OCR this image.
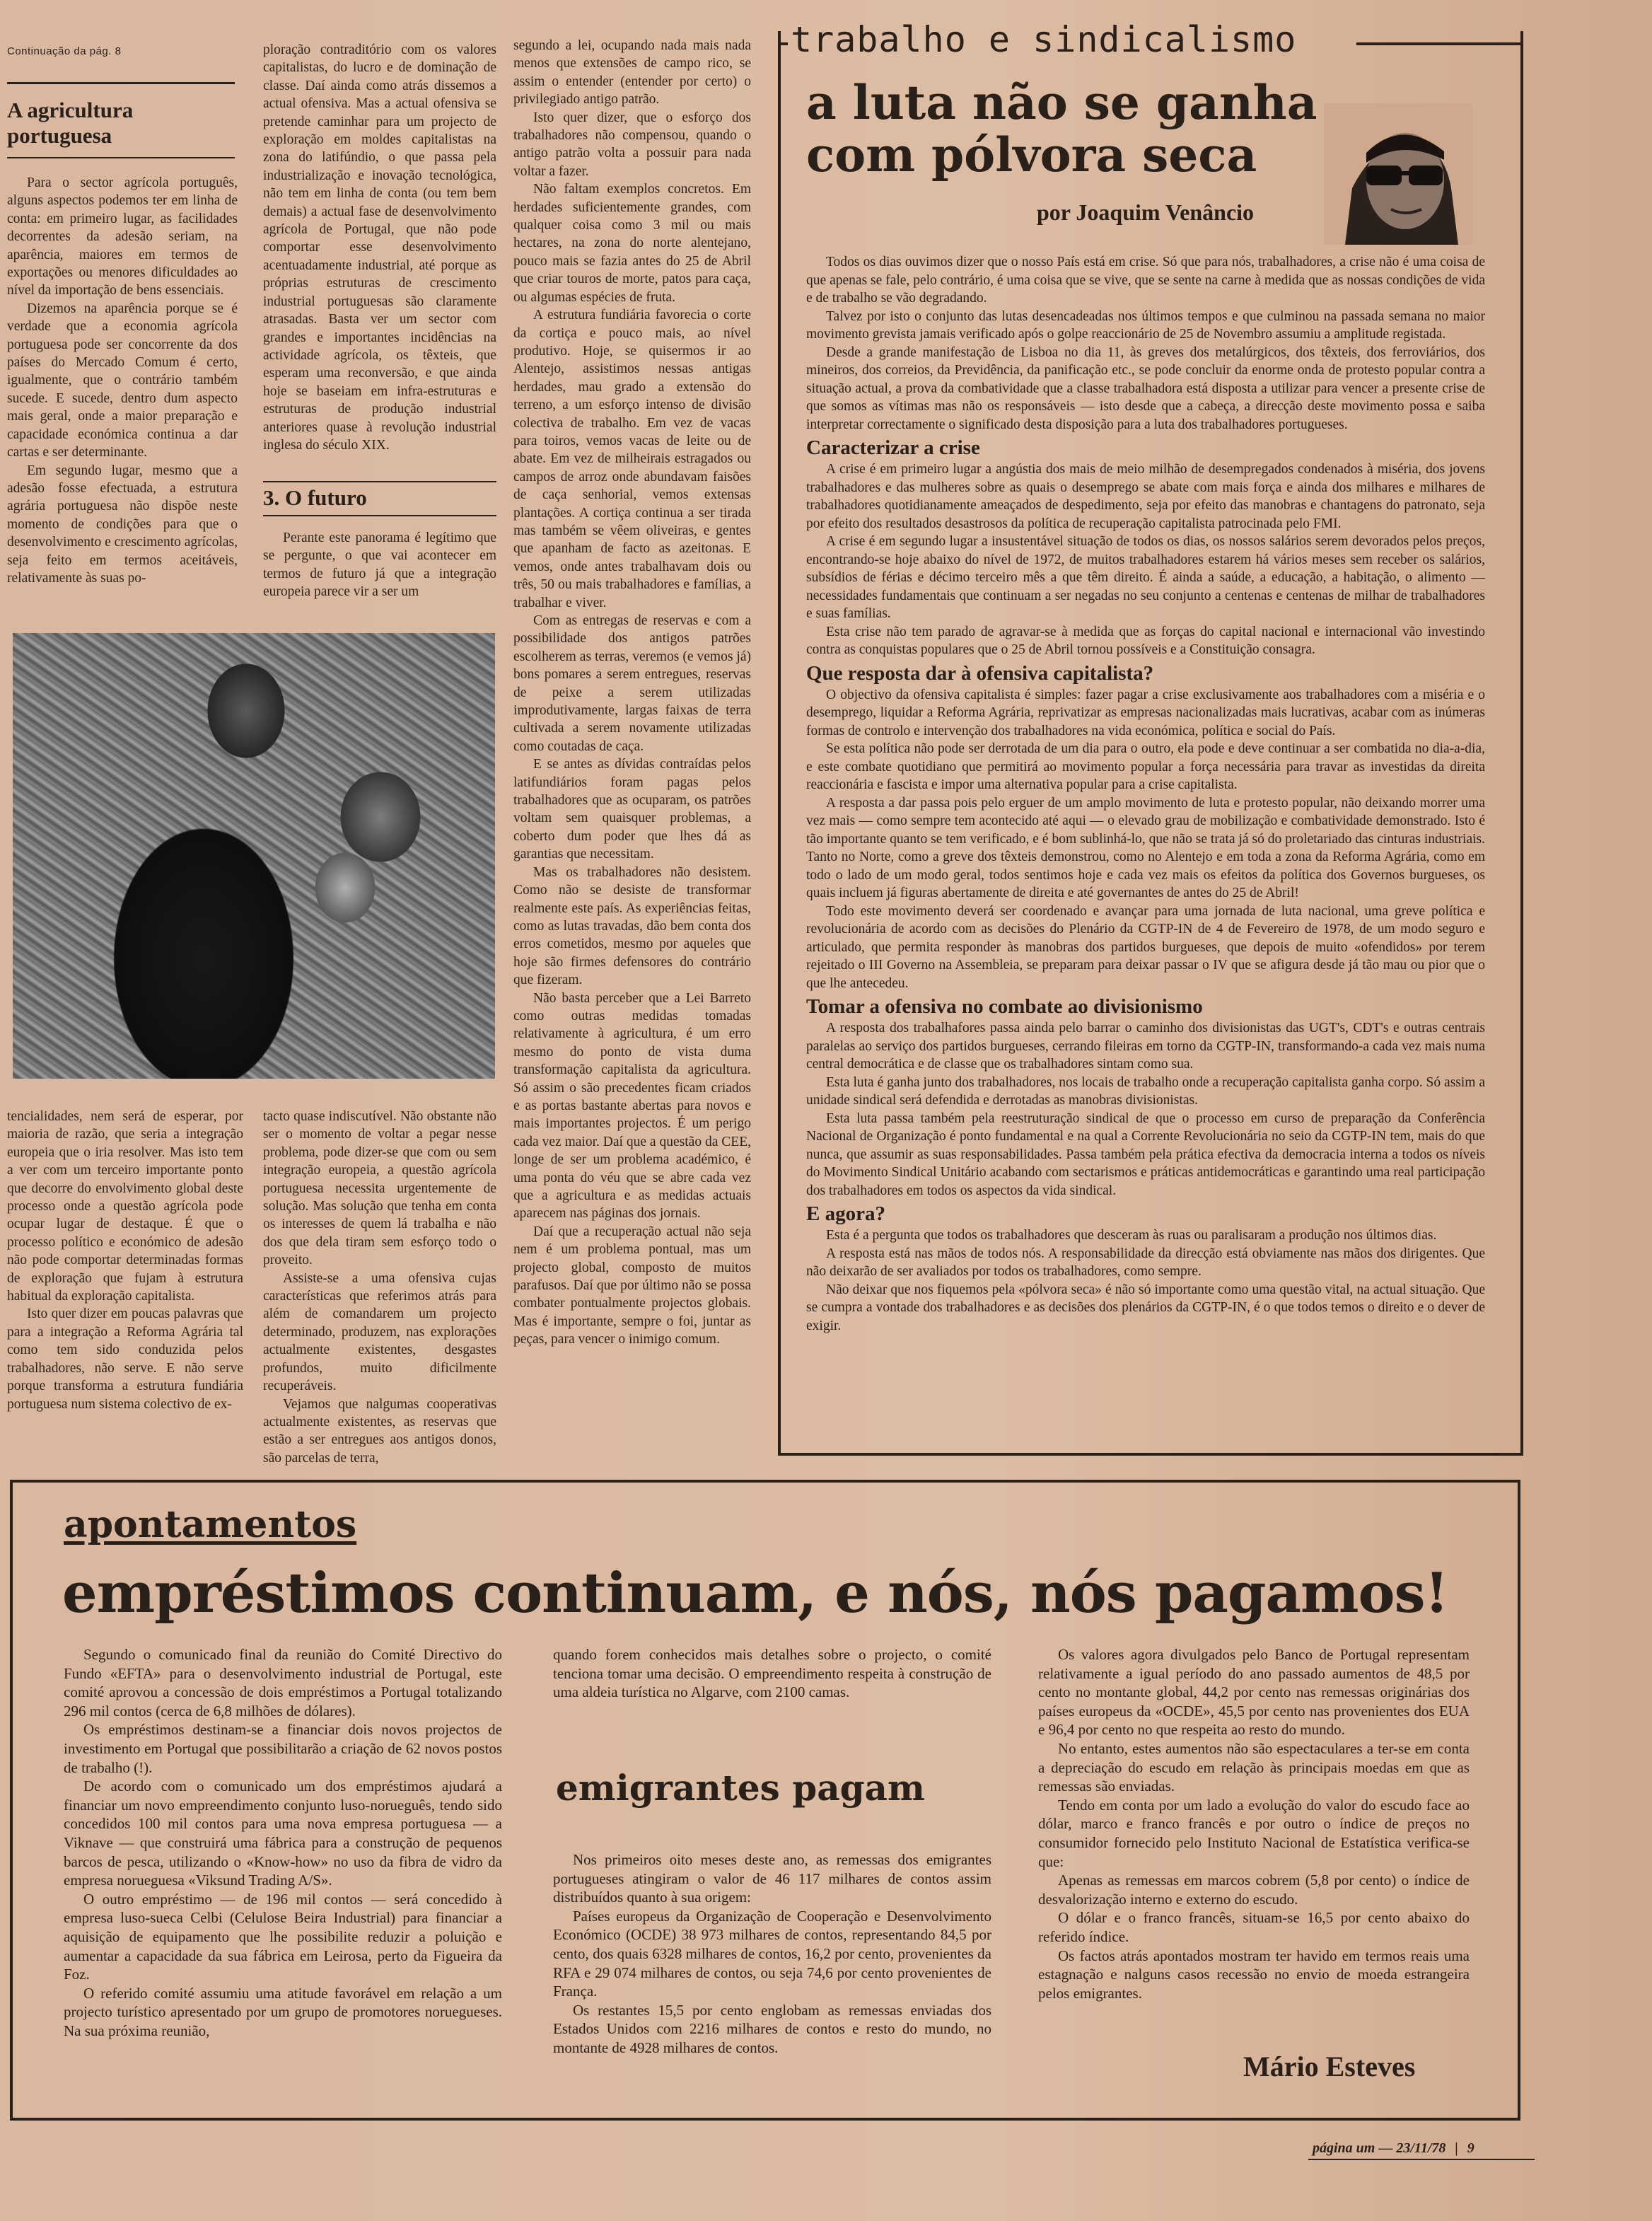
Continuação da pág. 8
A agricultura portuguesa

Para o sector agrícola português, alguns aspectos podemos ter em linha de conta: em primeiro lugar, as facilidades decorrentes da adesão seriam, na aparência, maiores em termos de exportações ou menores dificuldades ao nível da importação de bens essenciais.

Dizemos na aparência porque se é verdade que a economia agrícola portuguesa pode ser concorrente da dos países do Mercado Comum é certo, igualmente, que o contrário também sucede. E sucede, dentro dum aspecto mais geral, onde a maior preparação e capacidade económica continua a dar cartas e ser determinante.

Em segundo lugar, mesmo que a adesão fosse efectuada, a estrutura agrária portuguesa não dispõe neste momento de condições para que o desenvolvimento e crescimento agrícolas, seja feito em termos aceitáveis, relativamente às suas po-

tencialidades, nem será de esperar, por maioria de razão, que seria a integração europeia que o iria resolver. Mas isto tem a ver com um terceiro importante ponto que decorre do envolvimento global deste processo onde a questão agrícola pode ocupar lugar de destaque. É que o processo político e económico de adesão não pode comportar determinadas formas de exploração que fujam à estrutura habitual da exploração capitalista.

Isto quer dizer em poucas palavras que para a integração a Reforma Agrária tal como tem sido conduzida pelos trabalhadores, não serve. E não serve porque transforma a estrutura fundiária portuguesa num sistema colectivo de ex-

ploração contraditório com os valores capitalistas, do lucro e de dominação de classe. Daí ainda como atrás dissemos a actual ofensiva. Mas a actual ofensiva se pretende caminhar para um projecto de exploração em moldes capitalistas na zona do latifúndio, o que passa pela industrialização e inovação tecnológica, não tem em linha de conta (ou tem bem demais) a actual fase de desenvolvimento agrícola de Portugal, que não pode comportar esse desenvolvimento acentuadamente industrial, até porque as próprias estruturas de crescimento industrial portuguesas são claramente atrasadas. Basta ver um sector com grandes e importantes incidências na actividade agrícola, os têxteis, que esperam uma reconversão, e que ainda hoje se baseiam em infra-estruturas e estruturas de produção industrial anteriores quase à revolução industrial inglesa do século XIX.

3. O futuro

Perante este panorama é legítimo que se pergunte, o que vai acontecer em termos de futuro já que a integração europeia parece vir a ser um

tacto quase indiscutível. Não obstante não ser o momento de voltar a pegar nesse problema, pode dizer-se que com ou sem integração europeia, a questão agrícola portuguesa necessita urgentemente de solução. Mas solução que tenha em conta os interesses de quem lá trabalha e não dos que dela tiram sem esforço todo o proveito.

Assiste-se a uma ofensiva cujas características que referimos atrás para além de comandarem um projecto determinado, produzem, nas explorações actualmente existentes, desgastes profundos, muito dificilmente recuperáveis.

Vejamos que nalgumas cooperativas actualmente existentes, as reservas que estão a ser entregues aos antigos donos, são parcelas de terra,

segundo a lei, ocupando nada mais nada menos que extensões de campo rico, se assim o entender (entender por certo) o privilegiado antigo patrão.

Isto quer dizer, que o esforço dos trabalhadores não compensou, quando o antigo patrão volta a possuir para nada voltar a fazer.

Não faltam exemplos concretos. Em herdades suficientemente grandes, com qualquer coisa como 3 mil ou mais hectares, na zona do norte alentejano, pouco mais se fazia antes do 25 de Abril que criar touros de morte, patos para caça, ou algumas espécies de fruta.

A estrutura fundiária favorecia o corte da cortiça e pouco mais, ao nível produtivo. Hoje, se quisermos ir ao Alentejo, assistimos nessas antigas herdades, mau grado a extensão do terreno, a um esforço intenso de divisão colectiva de trabalho. Em vez de vacas para toiros, vemos vacas de leite ou de abate. Em vez de milheirais estragados ou campos de arroz onde abundavam faisões de caça senhorial, vemos extensas plantações. A cortiça continua a ser tirada mas também se vêem oliveiras, e gentes que apanham de facto as azeitonas. E vemos, onde antes trabalhavam dois ou três, 50 ou mais trabalhadores e famílias, a trabalhar e viver.

Com as entregas de reservas e com a possibilidade dos antigos patrões escolherem as terras, veremos (e vemos já) bons pomares a serem entregues, reservas de peixe a serem utilizadas improdutivamente, largas faixas de terra cultivada a serem novamente utilizadas como coutadas de caça.

E se antes as dívidas contraídas pelos latifundiários foram pagas pelos trabalhadores que as ocuparam, os patrões voltam sem quaisquer problemas, a coberto dum poder que lhes dá as garantias que necessitam.

Mas os trabalhadores não desistem. Como não se desiste de transformar realmente este país. As experiências feitas, como as lutas travadas, dão bem conta dos erros cometidos, mesmo por aqueles que hoje são firmes defensores do contrário que fizeram.

Não basta perceber que a Lei Barreto como outras medidas tomadas relativamente à agricultura, é um erro mesmo do ponto de vista duma transformação capitalista da agricultura. Só assim o são precedentes ficam criados e as portas bastante abertas para novos e mais importantes projectos. É um perigo cada vez maior. Daí que a questão da CEE, longe de ser um problema académico, é uma ponta do véu que se abre cada vez que a agricultura e as medidas actuais aparecem nas páginas dos jornais.

Daí que a recuperação actual não seja nem é um problema pontual, mas um projecto global, composto de muitos parafusos. Daí que por último não se possa combater pontualmente projectos globais. Mas é importante, sempre o foi, juntar as peças, para vencer o inimigo comum.

trabalho e sindicalismo
a luta não se ganha
com pólvora seca
por Joaquim Venâncio

Todos os dias ouvimos dizer que o nosso País está em crise. Só que para nós, trabalhadores, a crise não é uma coisa de que apenas se fale, pelo contrário, é uma coisa que se vive, que se sente na carne à medida que as nossas condições de vida e de trabalho se vão degradando.

Talvez por isto o conjunto das lutas desencadeadas nos últimos tempos e que culminou na passada semana no maior movimento grevista jamais verificado após o golpe reaccionário de 25 de Novembro assumiu a amplitude registada.

Desde a grande manifestação de Lisboa no dia 11, às greves dos metalúrgicos, dos têxteis, dos ferroviários, dos mineiros, dos correios, da Previdência, da panificação etc., se pode concluir da enorme onda de protesto popular contra a situação actual, a prova da combatividade que a classe trabalhadora está disposta a utilizar para vencer a presente crise de que somos as vítimas mas não os responsáveis — isto desde que a cabeça, a direcção deste movimento possa e saiba interpretar correctamente o significado desta disposição para a luta dos trabalhadores portugueses.

Caracterizar a crise

A crise é em primeiro lugar a angústia dos mais de meio milhão de desempregados condenados à miséria, dos jovens trabalhadores e das mulheres sobre as quais o desemprego se abate com mais força e ainda dos milhares e milhares de trabalhadores quotidianamente ameaçados de despedimento, seja por efeito das manobras e chantagens do patronato, seja por efeito dos resultados desastrosos da política de recuperação capitalista patrocinada pelo FMI.

A crise é em segundo lugar a insustentável situação de todos os dias, os nossos salários serem devorados pelos preços, encontrando-se hoje abaixo do nível de 1972, de muitos trabalhadores estarem há vários meses sem receber os salários, subsídios de férias e décimo terceiro mês a que têm direito. É ainda a saúde, a educação, a habitação, o alimento — necessidades fundamentais que continuam a ser negadas no seu conjunto a centenas e centenas de milhar de trabalhadores e suas famílias.

Esta crise não tem parado de agravar-se à medida que as forças do capital nacional e internacional vão investindo contra as conquistas populares que o 25 de Abril tornou possíveis e a Constituição consagra.

Que resposta dar à ofensiva capitalista?

O objectivo da ofensiva capitalista é simples: fazer pagar a crise exclusivamente aos trabalhadores com a miséria e o desemprego, liquidar a Reforma Agrária, reprivatizar as empresas nacionalizadas mais lucrativas, acabar com as inúmeras formas de controlo e intervenção dos trabalhadores na vida económica, política e social do País.

Se esta política não pode ser derrotada de um dia para o outro, ela pode e deve continuar a ser combatida no dia-a-dia, e este combate quotidiano que permitirá ao movimento popular a força necessária para travar as investidas da direita reaccionária e fascista e impor uma alternativa popular para a crise capitalista.

A resposta a dar passa pois pelo erguer de um amplo movimento de luta e protesto popular, não deixando morrer uma vez mais — como sempre tem acontecido até aqui — o elevado grau de mobilização e combatividade demonstrado. Isto é tão importante quanto se tem verificado, e é bom sublinhá-lo, que não se trata já só do proletariado das cinturas industriais. Tanto no Norte, como a greve dos têxteis demonstrou, como no Alentejo e em toda a zona da Reforma Agrária, como em todo o lado de um modo geral, todos sentimos hoje e cada vez mais os efeitos da política dos Governos burgueses, os quais incluem já figuras abertamente de direita e até governantes de antes do 25 de Abril!

Todo este movimento deverá ser coordenado e avançar para uma jornada de luta nacional, uma greve política e revolucionária de acordo com as decisões do Plenário da CGTP-IN de 4 de Fevereiro de 1978, de um modo seguro e articulado, que permita responder às manobras dos partidos burgueses, que depois de muito «ofendidos» por terem rejeitado o III Governo na Assembleia, se preparam para deixar passar o IV que se afigura desde já tão mau ou pior que o que lhe antecedeu.

Tomar a ofensiva no combate ao divisionismo

A resposta dos trabalhafores passa ainda pelo barrar o caminho dos divisionistas das UGT's, CDT's e outras centrais paralelas ao serviço dos partidos burgueses, cerrando fileiras em torno da CGTP-IN, transformando-a cada vez mais numa central democrática e de classe que os trabalhadores sintam como sua.

Esta luta é ganha junto dos trabalhadores, nos locais de trabalho onde a recuperação capitalista ganha corpo. Só assim a unidade sindical será defendida e derrotadas as manobras divisionistas.

Esta luta passa também pela reestruturação sindical de que o processo em curso de preparação da Conferência Nacional de Organização é ponto fundamental e na qual a Corrente Revolucionária no seio da CGTP-IN tem, mais do que nunca, que assumir as suas responsabilidades. Passa também pela prática efectiva da democracia interna a todos os níveis do Movimento Sindical Unitário acabando com sectarismos e práticas antidemocráticas e garantindo uma real participação dos trabalhadores em todos os aspectos da vida sindical.

E agora?

Esta é a pergunta que todos os trabalhadores que desceram às ruas ou paralisaram a produção nos últimos dias.

A resposta está nas mãos de todos nós. A responsabilidade da direcção está obviamente nas mãos dos dirigentes. Que não deixarão de ser avaliados por todos os trabalhadores, como sempre.

Não deixar que nos fiquemos pela «pólvora seca» é não só importante como uma questão vital, na actual situação. Que se cumpra a vontade dos trabalhadores e as decisões dos plenários da CGTP-IN, é o que todos temos o direito e o dever de exigir.

apontamentos
empréstimos continuam, e nós, nós pagamos!

Segundo o comunicado final da reunião do Comité Directivo do Fundo «EFTA» para o desenvolvimento industrial de Portugal, este comité aprovou a concessão de dois empréstimos a Portugal totalizando 296 mil contos (cerca de 6,8 milhões de dólares).

Os empréstimos destinam-se a financiar dois novos projectos de investimento em Portugal que possibilitarão a criação de 62 novos postos de trabalho (!).

De acordo com o comunicado um dos empréstimos ajudará a financiar um novo empreendimento conjunto luso-norueguês, tendo sido concedidos 100 mil contos para uma nova empresa portuguesa — a Viknave — que construirá uma fábrica para a construção de pequenos barcos de pesca, utilizando o «Know-how» no uso da fibra de vidro da empresa norueguesa «Viksund Trading A/S».

O outro empréstimo — de 196 mil contos — será concedido à empresa luso-sueca Celbi (Celulose Beira Industrial) para financiar a aquisição de equipamento que lhe possibilite reduzir a poluição e aumentar a capacidade da sua fábrica em Leirosa, perto da Figueira da Foz.

O referido comité assumiu uma atitude favorável em relação a um projecto turístico apresentado por um grupo de promotores noruegueses. Na sua próxima reunião,

quando forem conhecidos mais detalhes sobre o projecto, o comité tenciona tomar uma decisão. O empreendimento respeita à construção de uma aldeia turística no Algarve, com 2100 camas.

emigrantes pagam

Nos primeiros oito meses deste ano, as remessas dos emigrantes portugueses atingiram o valor de 46 117 milhares de contos assim distribuídos quanto à sua origem:

Países europeus da Organização de Cooperação e Desenvolvimento Económico (OCDE) 38 973 milhares de contos, representando 84,5 por cento, dos quais 6328 milhares de contos, 16,2 por cento, provenientes da RFA e 29 074 milhares de contos, ou seja 74,6 por cento provenientes de França.

Os restantes 15,5 por cento englobam as remessas enviadas dos Estados Unidos com 2216 milhares de contos e resto do mundo, no montante de 4928 milhares de contos.

Os valores agora divulgados pelo Banco de Portugal representam relativamente a igual período do ano passado aumentos de 48,5 por cento no montante global, 44,2 por cento nas remessas originárias dos países europeus da «OCDE», 45,5 por cento nas provenientes dos EUA e 96,4 por cento no que respeita ao resto do mundo.

No entanto, estes aumentos não são espectaculares a ter-se em conta a depreciação do escudo em relação às principais moedas em que as remessas são enviadas.

Tendo em conta por um lado a evolução do valor do escudo face ao dólar, marco e franco francês e por outro o índice de preços no consumidor fornecido pelo Instituto Nacional de Estatística verifica-se que:

Apenas as remessas em marcos cobrem (5,8 por cento) o índice de desvalorização interno e externo do escudo.

O dólar e o franco francês, situam-se 16,5 por cento abaixo do referido índice.

Os factos atrás apontados mostram ter havido em termos reais uma estagnação e nalguns casos recessão no envio de moeda estrangeira pelos emigrantes.

Mário Esteves
página um — 23/11/78 | 9
